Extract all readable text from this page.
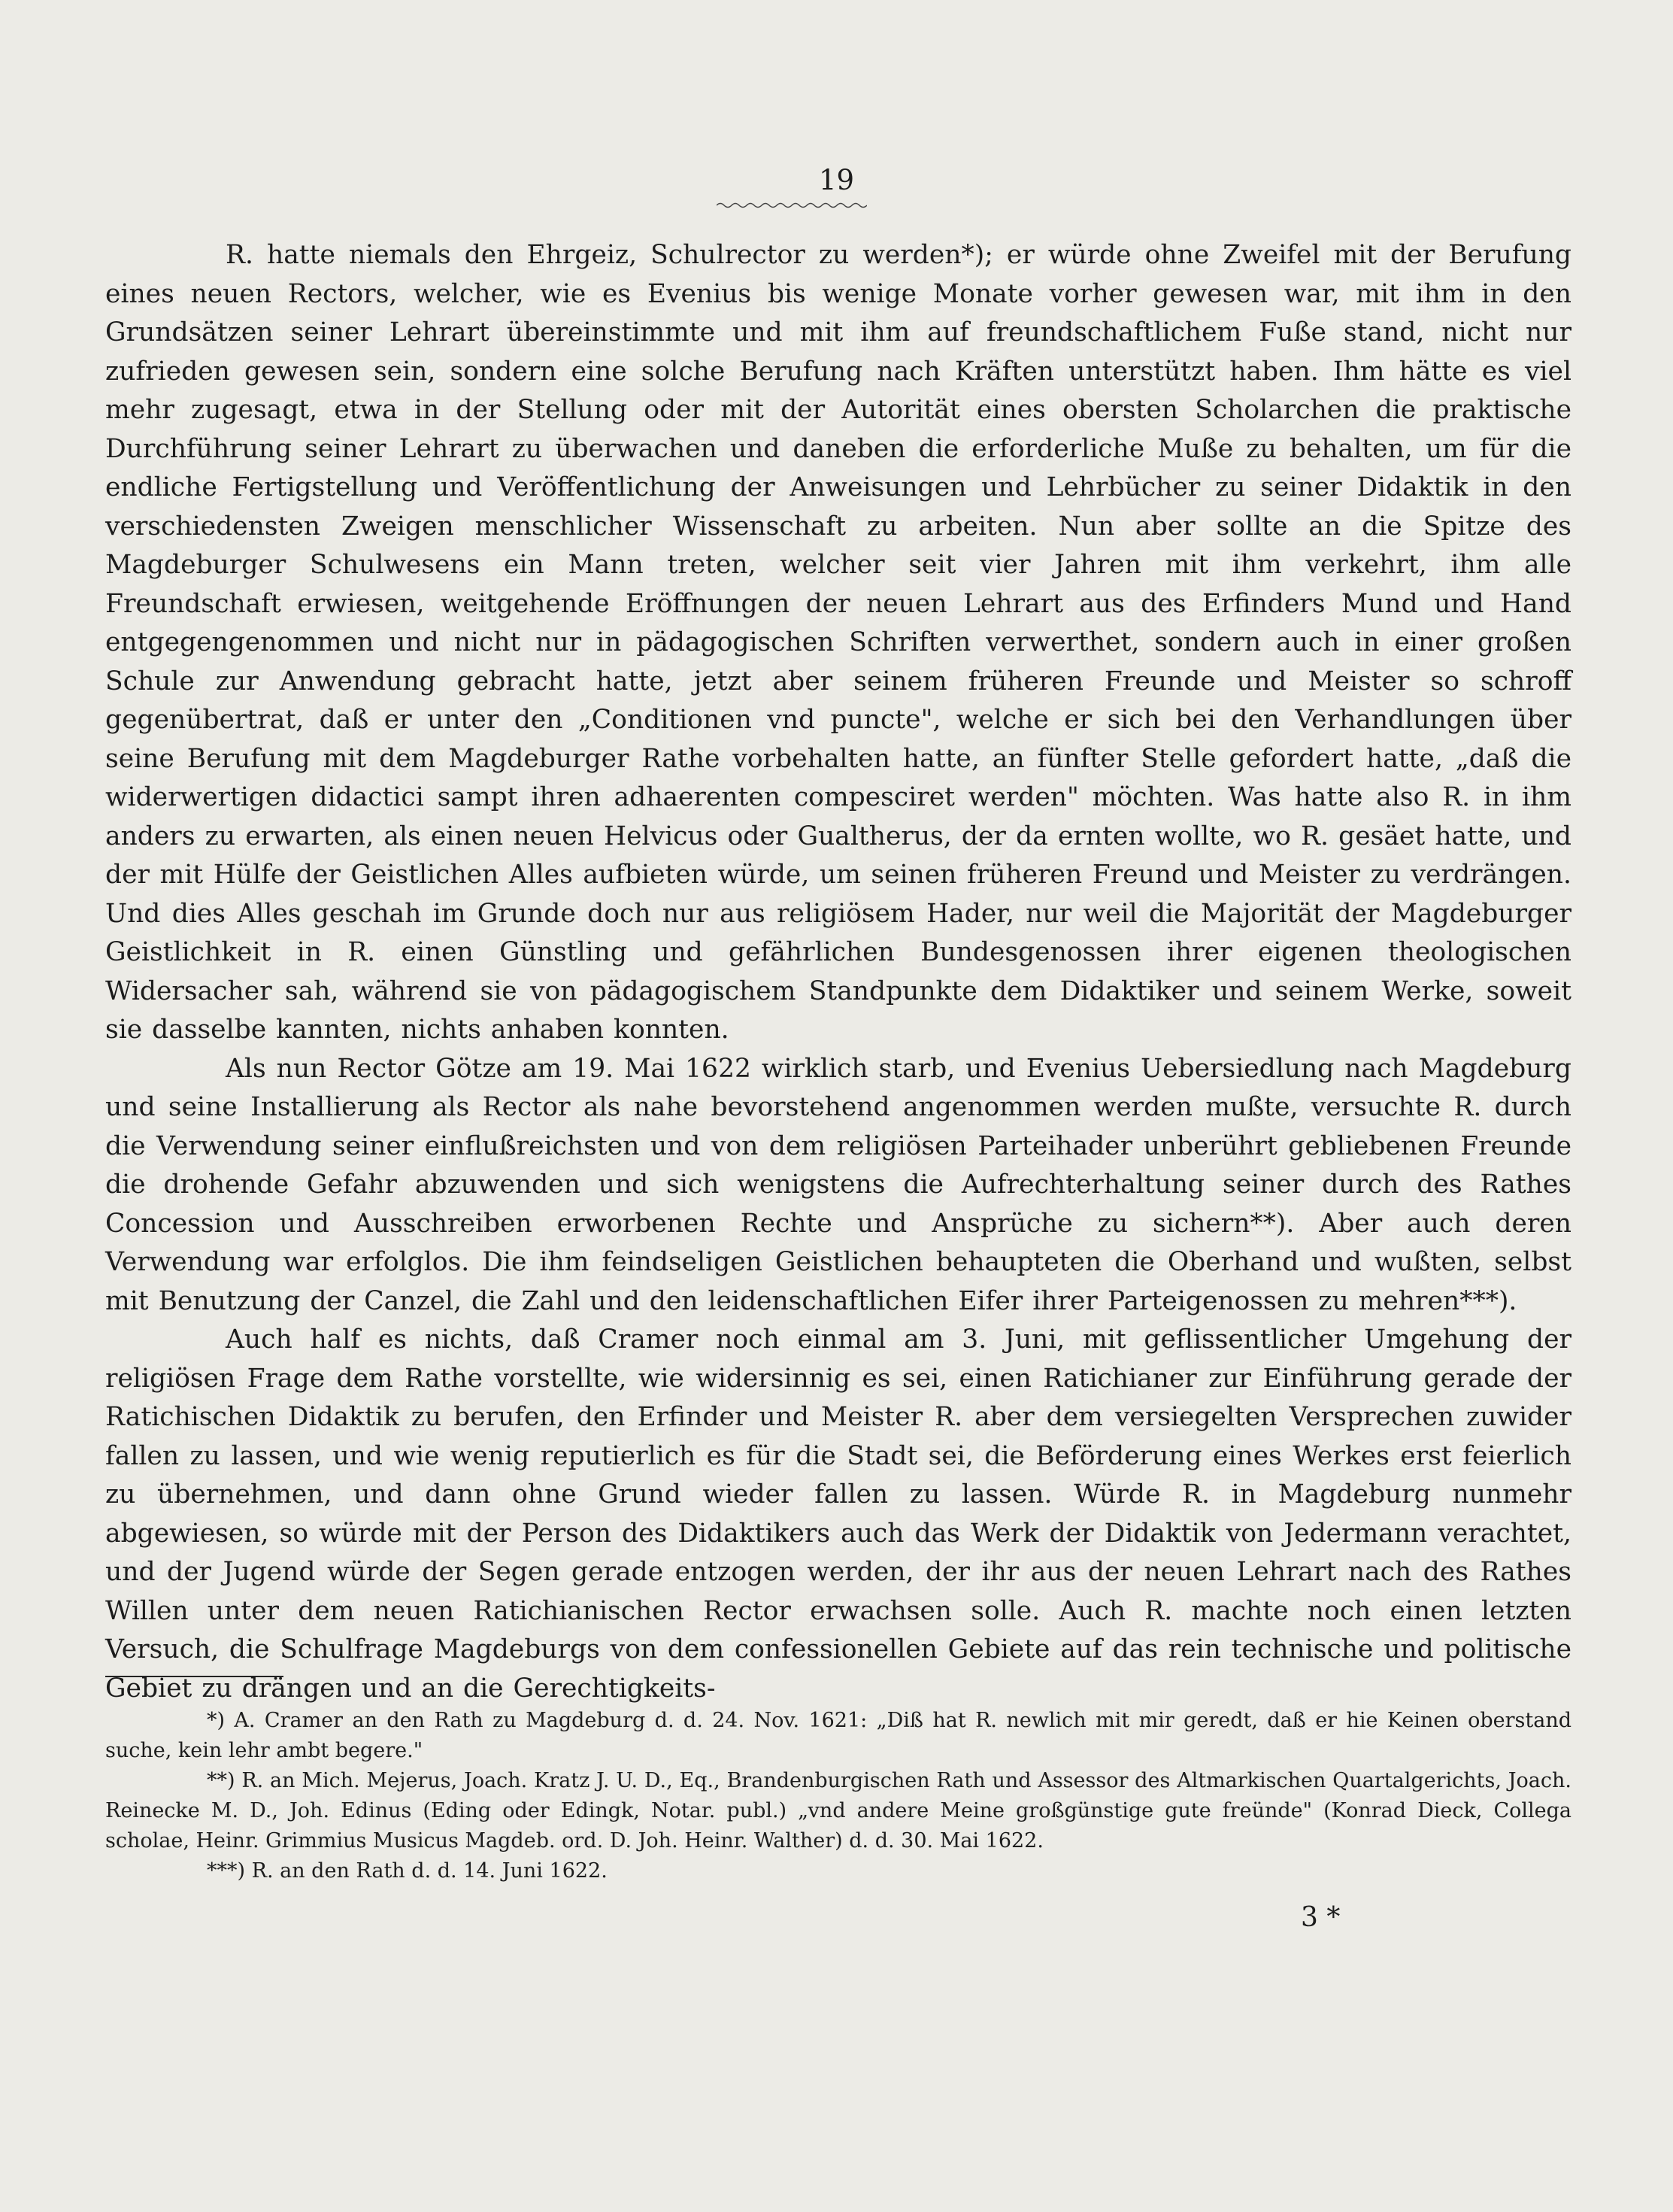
19

R. hatte niemals den Ehrgeiz, Schulrector zu werden*); er würde ohne Zweifel mit der Berufung eines neuen Rectors, welcher, wie es Evenius bis wenige Monate vorher gewesen war, mit ihm in den Grundsätzen seiner Lehrart übereinstimmte und mit ihm auf freundschaftlichem Fuße stand, nicht nur zufrieden gewesen sein, sondern eine solche Berufung nach Kräften unterstützt haben. Ihm hätte es viel mehr zugesagt, etwa in der Stellung oder mit der Autorität eines obersten Scholarchen die praktische Durchführung seiner Lehrart zu überwachen und daneben die erforderliche Muße zu behalten, um für die endliche Fertigstellung und Veröffentlichung der Anweisungen und Lehrbücher zu seiner Didaktik in den verschiedensten Zweigen menschlicher Wissenschaft zu arbeiten. Nun aber sollte an die Spitze des Magdeburger Schulwesens ein Mann treten, welcher seit vier Jahren mit ihm verkehrt, ihm alle Freundschaft erwiesen, weitgehende Eröffnungen der neuen Lehrart aus des Erfinders Mund und Hand entgegengenommen und nicht nur in pädagogischen Schriften verwerthet, sondern auch in einer großen Schule zur Anwendung gebracht hatte, jetzt aber seinem früheren Freunde und Meister so schroff gegenübertrat, daß er unter den „Conditionen vnd puncte", welche er sich bei den Verhandlungen über seine Berufung mit dem Magdeburger Rathe vorbehalten hatte, an fünfter Stelle gefordert hatte, „daß die widerwertigen didactici sampt ihren adhaerenten compesciret werden" möchten. Was hatte also R. in ihm anders zu erwarten, als einen neuen Helvicus oder Gualtherus, der da ernten wollte, wo R. gesäet hatte, und der mit Hülfe der Geistlichen Alles aufbieten würde, um seinen früheren Freund und Meister zu verdrängen. Und dies Alles geschah im Grunde doch nur aus religiösem Hader, nur weil die Majorität der Magdeburger Geistlichkeit in R. einen Günstling und gefährlichen Bundesgenossen ihrer eigenen theologischen Widersacher sah, während sie von pädagogischem Standpunkte dem Didaktiker und seinem Werke, soweit sie dasselbe kannten, nichts anhaben konnten.

Als nun Rector Götze am 19. Mai 1622 wirklich starb, und Evenius Uebersiedlung nach Magdeburg und seine Installierung als Rector als nahe bevorstehend angenommen werden mußte, versuchte R. durch die Verwendung seiner einflußreichsten und von dem religiösen Parteihader unberührt gebliebenen Freunde die drohende Gefahr abzuwenden und sich wenigstens die Aufrechterhaltung seiner durch des Rathes Concession und Ausschreiben erworbenen Rechte und Ansprüche zu sichern**). Aber auch deren Verwendung war erfolglos. Die ihm feindseligen Geistlichen behaupteten die Oberhand und wußten, selbst mit Benutzung der Canzel, die Zahl und den leidenschaftlichen Eifer ihrer Parteigenossen zu mehren***).

Auch half es nichts, daß Cramer noch einmal am 3. Juni, mit geflissentlicher Umgehung der religiösen Frage dem Rathe vorstellte, wie widersinnig es sei, einen Ratichianer zur Einführung gerade der Ratichischen Didaktik zu berufen, den Erfinder und Meister R. aber dem versiegelten Versprechen zuwider fallen zu lassen, und wie wenig reputierlich es für die Stadt sei, die Beförderung eines Werkes erst feierlich zu übernehmen, und dann ohne Grund wieder fallen zu lassen. Würde R. in Magdeburg nunmehr abgewiesen, so würde mit der Person des Didaktikers auch das Werk der Didaktik von Jedermann verachtet, und der Jugend würde der Segen gerade entzogen werden, der ihr aus der neuen Lehrart nach des Rathes Willen unter dem neuen Ratichianischen Rector erwachsen solle. Auch R. machte noch einen letzten Versuch, die Schulfrage Magdeburgs von dem confessionellen Gebiete auf das rein technische und politische Gebiet zu drängen und an die Gerechtigkeits-

*) A. Cramer an den Rath zu Magdeburg d. d. 24. Nov. 1621: „Diß hat R. newlich mit mir geredt, daß er hie Keinen oberstand suche, kein lehr ambt begere."

**) R. an Mich. Mejerus, Joach. Kratz J. U. D., Eq., Brandenburgischen Rath und Assessor des Altmarkischen Quartalgerichts, Joach. Reinecke M. D., Joh. Edinus (Eding oder Edingk, Notar. publ.) „vnd andere Meine großgünstige gute freünde" (Konrad Dieck, Collega scholae, Heinr. Grimmius Musicus Magdeb. ord. D. Joh. Heinr. Walther) d. d. 30. Mai 1622.

***) R. an den Rath d. d. 14. Juni 1622.

3 *
